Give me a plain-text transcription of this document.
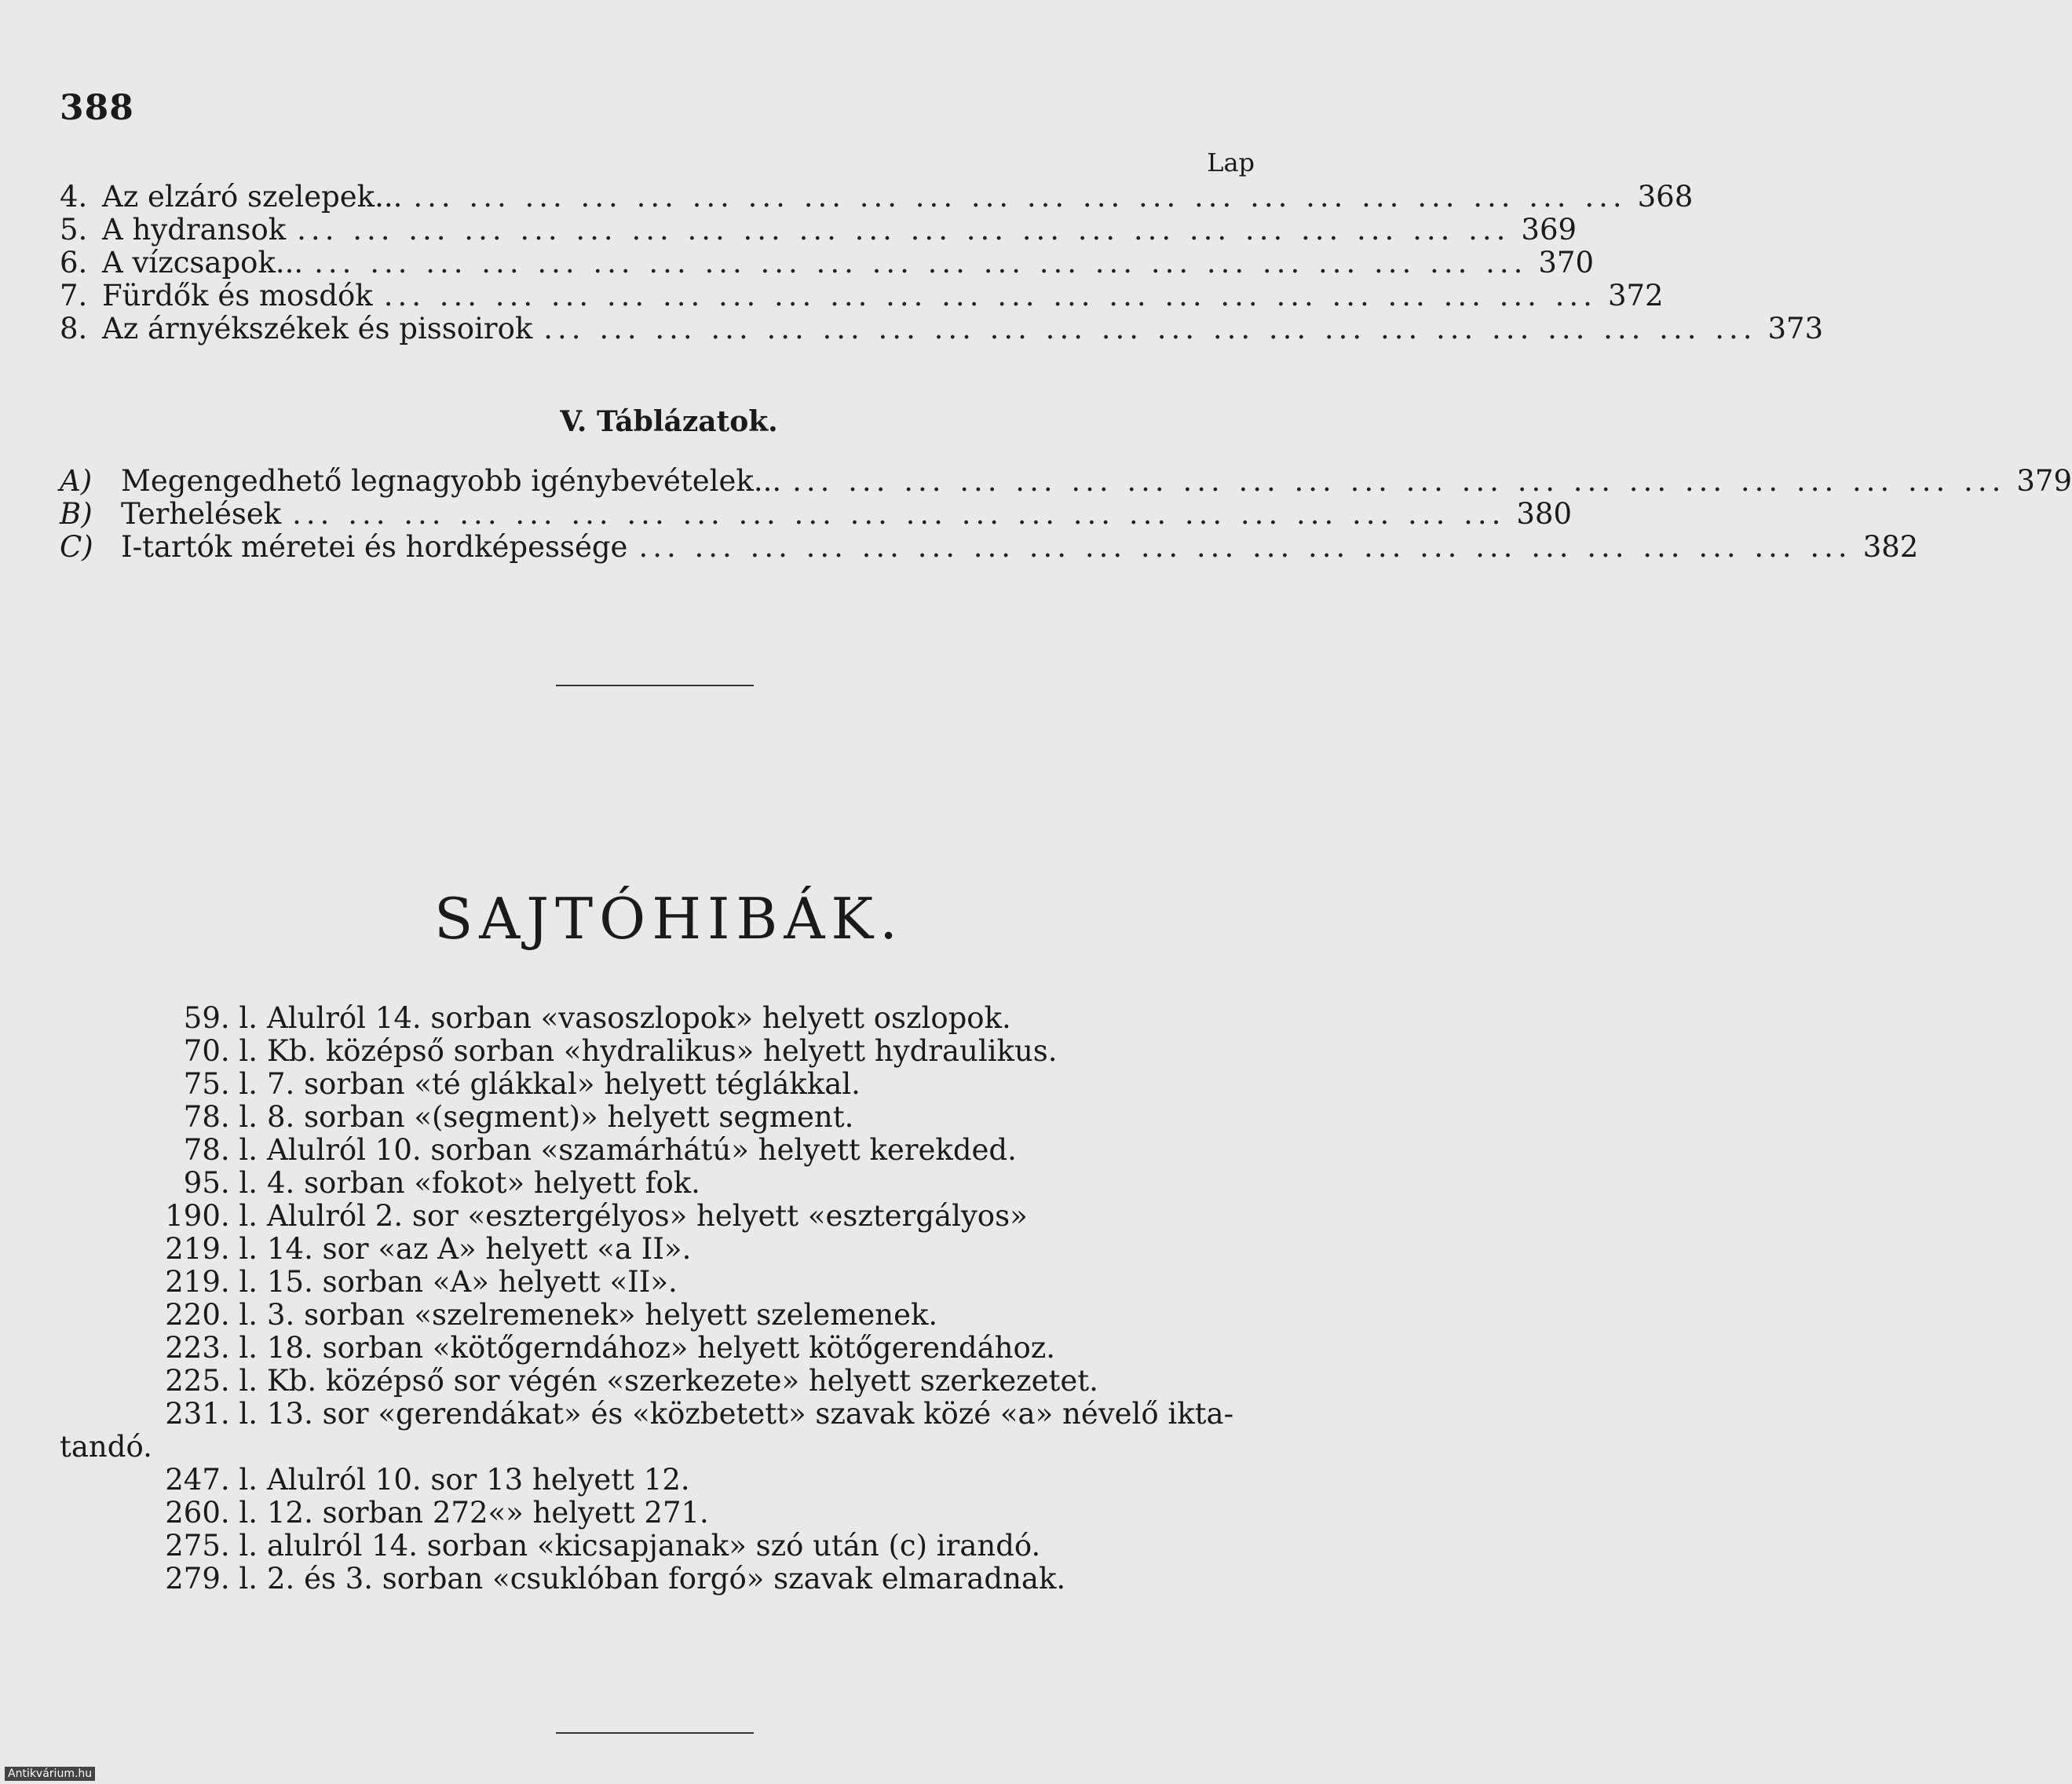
388
Lap
4. Az elzáró szelepek... ... ... ... ... ... ... ... ... ... ... ... ... ... ... ... ... ... ... ... ... ... ... 368
5. A hydransok ... ... ... ... ... ... ... ... ... ... ... ... ... ... ... ... ... ... ... ... ... ... 369
6. A vízcsapok... ... ... ... ... ... ... ... ... ... ... ... ... ... ... ... ... ... ... ... ... ... ... 370
7. Fürdők és mosdók ... ... ... ... ... ... ... ... ... ... ... ... ... ... ... ... ... ... ... ... ... ... 372
8. Az árnyékszékek és pissoirok ... ... ... ... ... ... ... ... ... ... ... ... ... ... ... ... ... ... ... ... ... ... 373
V. Táblázatok.
A) Megengedhető legnagyobb igénybevételek... ... ... ... ... ... ... ... ... ... ... ... ... ... ... ... ... ... ... ... ... ... ... 379
B) Terhelések ... ... ... ... ... ... ... ... ... ... ... ... ... ... ... ... ... ... ... ... ... ... 380
C) I-tartók méretei és hordképessége ... ... ... ... ... ... ... ... ... ... ... ... ... ... ... ... ... ... ... ... ... ... 382
SAJTÓHIBÁK.
59. l. Alulról 14. sorban «vasoszlopok» helyett oszlopok.
70. l. Kb. középső sorban «hydralikus» helyett hydraulikus.
75. l. 7. sorban «té glákkal» helyett téglákkal.
78. l. 8. sorban «(segment)» helyett segment.
78. l. Alulról 10. sorban «szamárhátú» helyett kerekded.
95. l. 4. sorban «fokot» helyett fok.
190. l. Alulról 2. sor «esztergélyos» helyett «esztergályos»
219. l. 14. sor «az A» helyett «a II».
219. l. 15. sorban «A» helyett «II».
220. l. 3. sorban «szelremenek» helyett szelemenek.
223. l. 18. sorban «kötőgerndához» helyett kötőgerendához.
225. l. Kb. középső sor végén «szerkezete» helyett szerkezetet.
231. l. 13. sor «gerendákat» és «közbetett» szavak közé «a» névelő ikta-
tandó.
247. l. Alulról 10. sor 13 helyett 12.
260. l. 12. sorban 272«» helyett 271.
275. l. alulról 14. sorban «kicsapjanak» szó után (c) irandó.
279. l. 2. és 3. sorban «csuklóban forgó» szavak elmaradnak.
Antikvárium.hu
